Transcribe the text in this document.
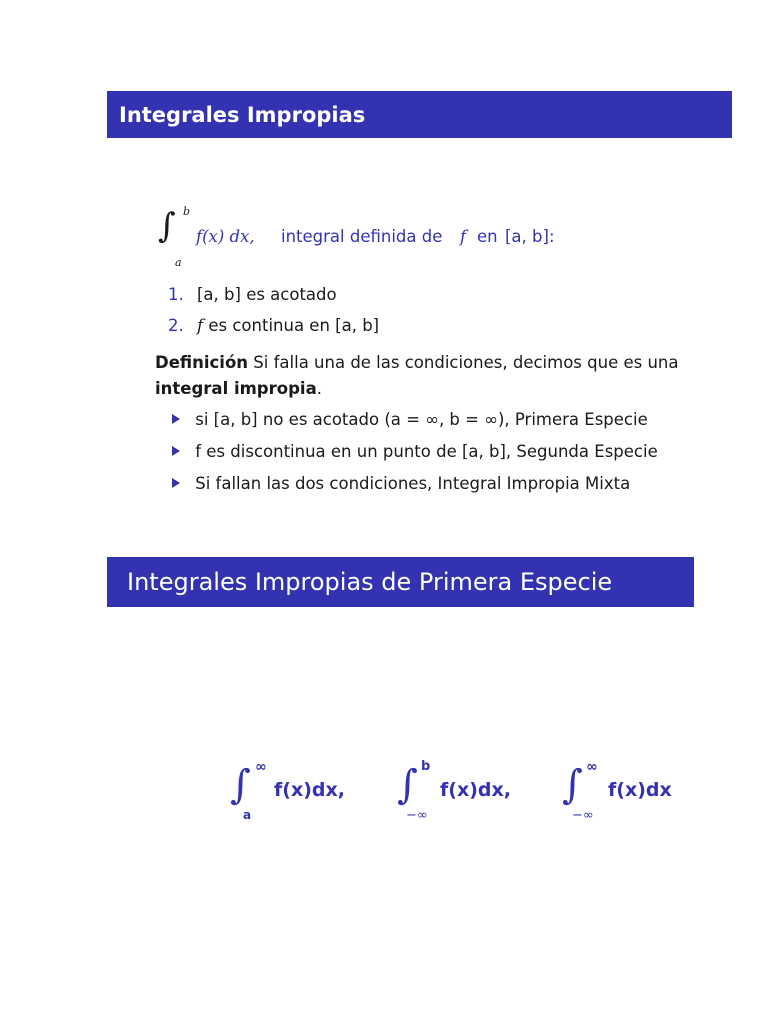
Integrales Impropias
∫ b
a
f(x) dx, integral definida de f en [a, b]:
1. [a, b] es acotado
2. f es continua en [a, b]
Definición Si falla una de las condiciones, decimos que es una
integral impropia.
si [a, b] no es acotado (a = ∞, b = ∞), Primera Especie
f es discontinua en un punto de [a, b], Segunda Especie
Si fallan las dos condiciones, Integral Impropia Mixta
Integrales Impropias de Primera Especie
∫ ∞
a
f(x)dx, ∫ b
−∞
f(x)dx, ∫ ∞
−∞
f(x)dx
